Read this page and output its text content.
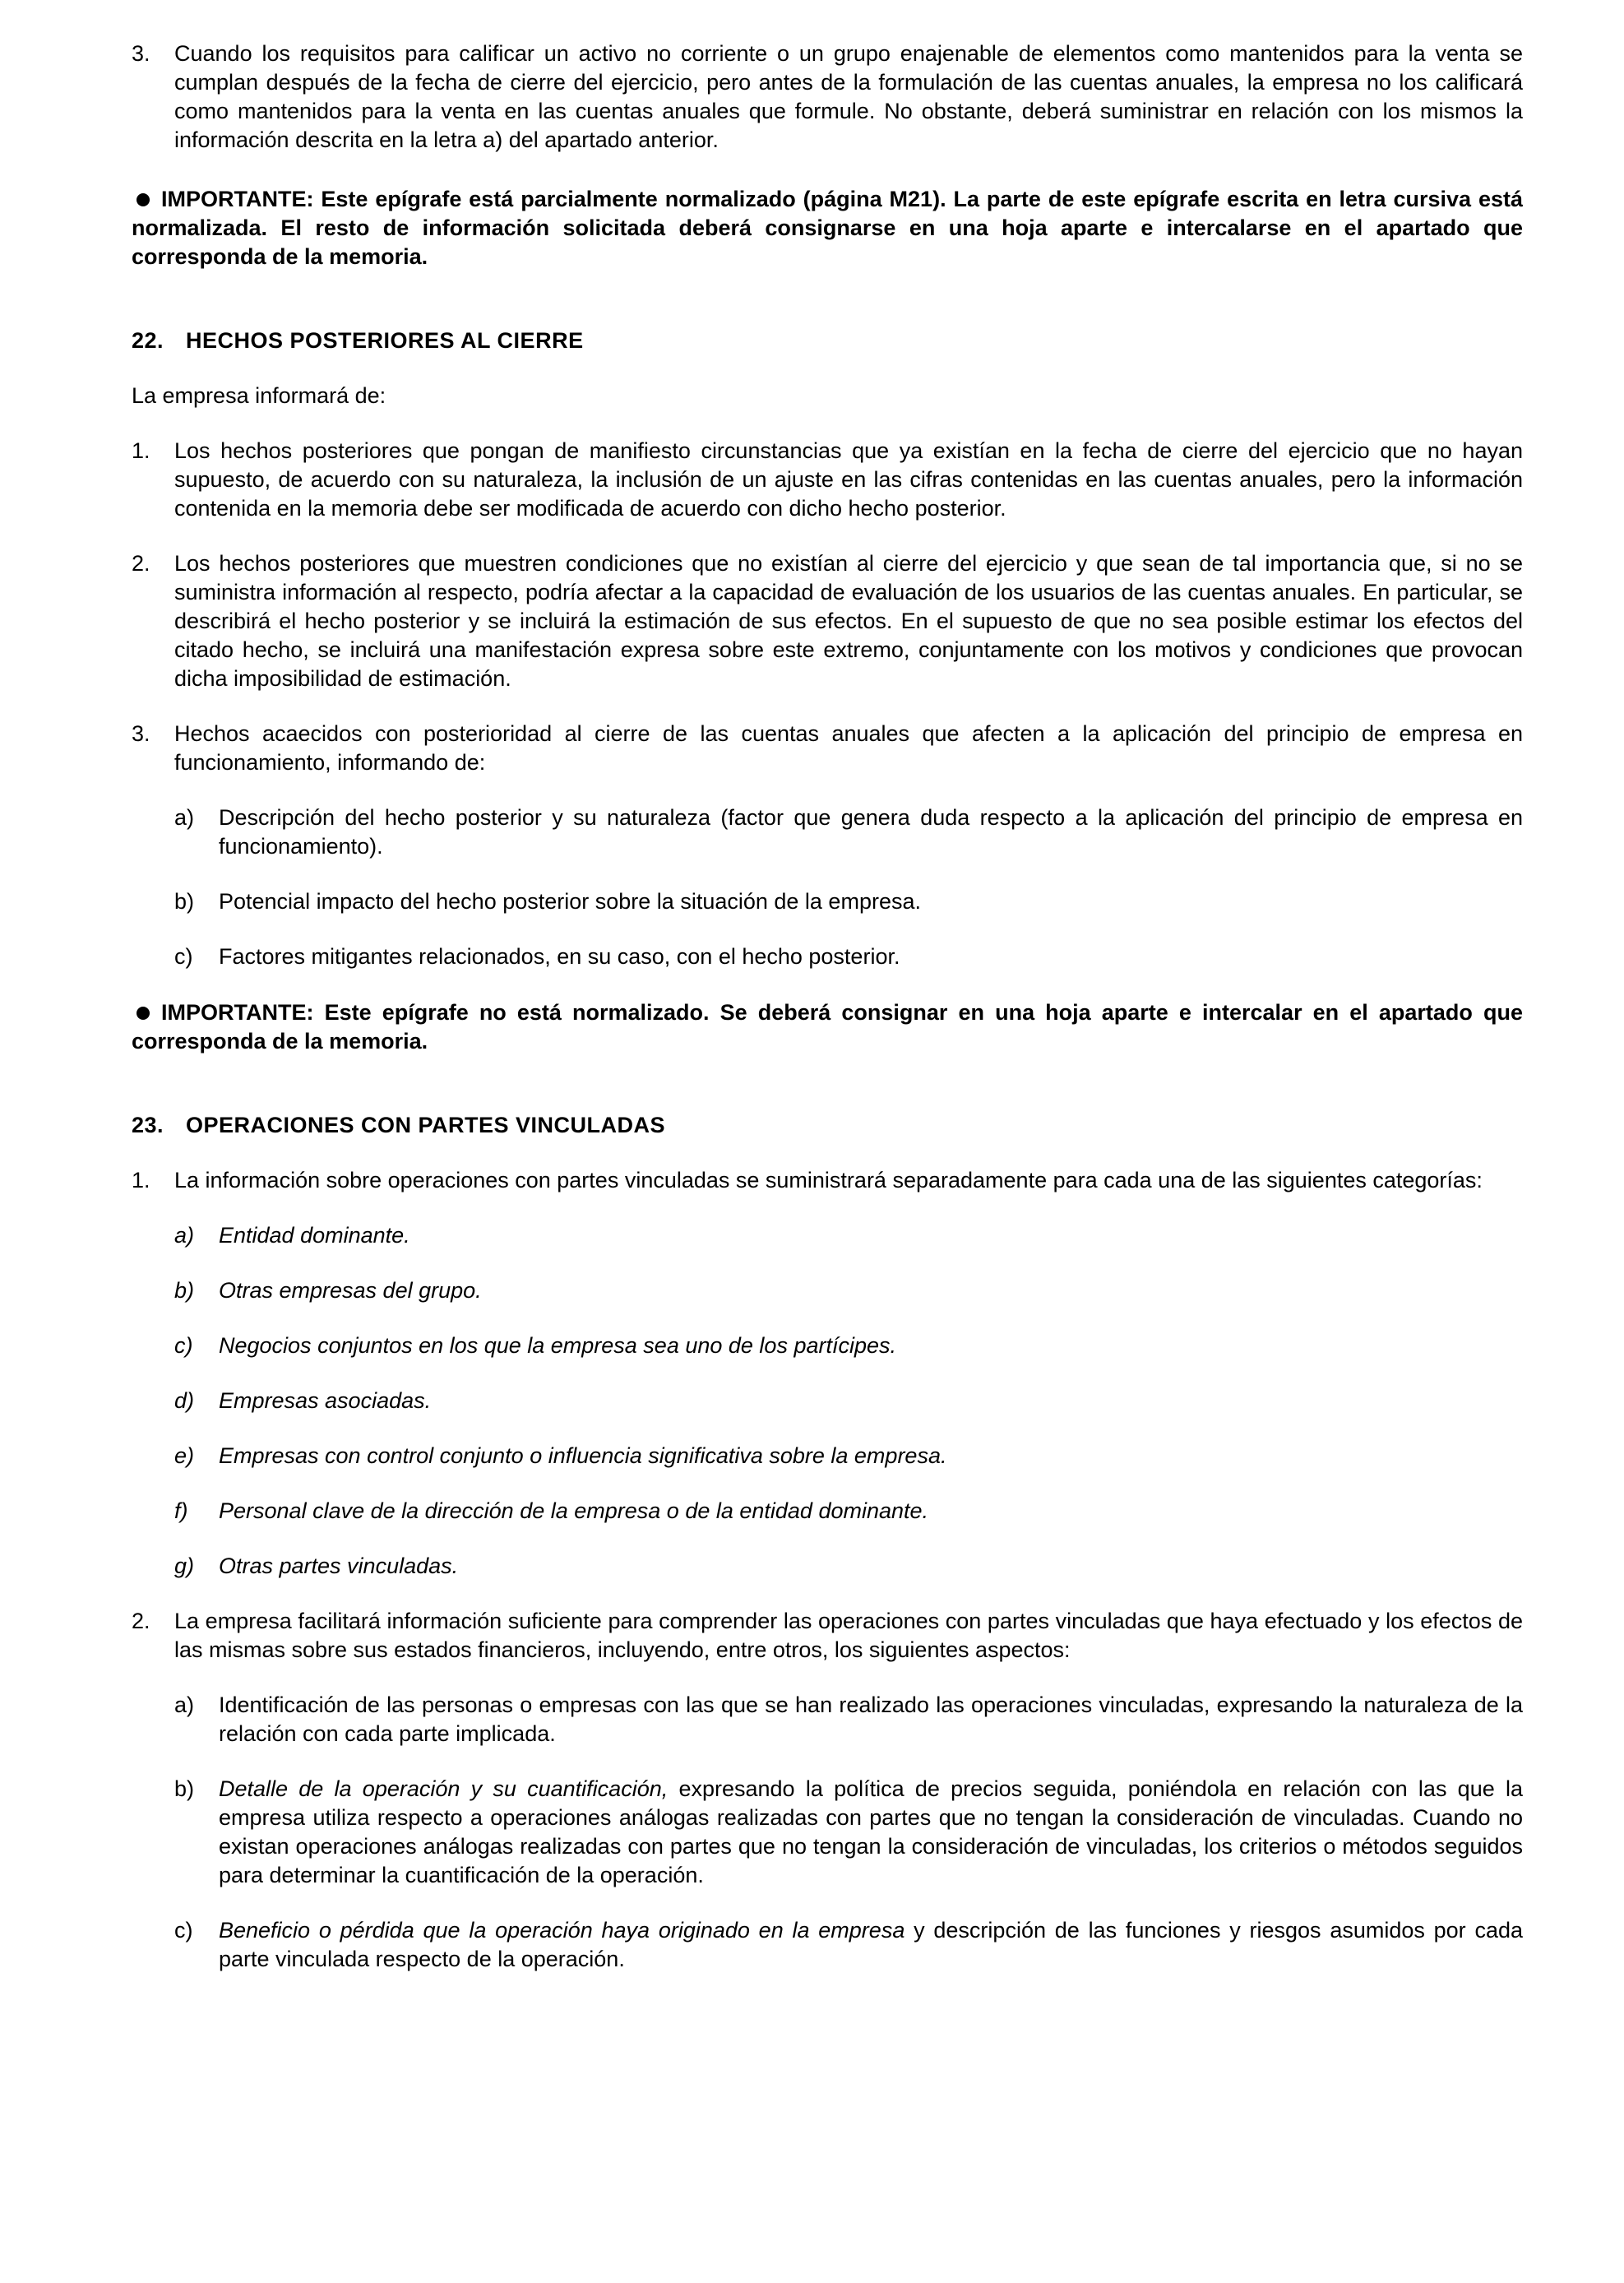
3. Cuando los requisitos para calificar un activo no corriente o un grupo enajenable de elementos como mantenidos para la venta se cumplan después de la fecha de cierre del ejercicio, pero antes de la formulación de las cuentas anuales, la empresa no los calificará como mantenidos para la venta en las cuentas anuales que formule. No obstante, deberá suministrar en relación con los mismos la información descrita en la letra a) del apartado anterior.
IMPORTANTE: Este epígrafe está parcialmente normalizado (página M21). La parte de este epígrafe escrita en letra cursiva está normalizada. El resto de información solicitada deberá consignarse en una hoja aparte e intercalarse en el apartado que corresponda de la memoria.
22. HECHOS POSTERIORES AL CIERRE
La empresa informará de:
1. Los hechos posteriores que pongan de manifiesto circunstancias que ya existían en la fecha de cierre del ejercicio que no hayan supuesto, de acuerdo con su naturaleza, la inclusión de un ajuste en las cifras contenidas en las cuentas anuales, pero la información contenida en la memoria debe ser modificada de acuerdo con dicho hecho posterior.
2. Los hechos posteriores que muestren condiciones que no existían al cierre del ejercicio y que sean de tal importancia que, si no se suministra información al respecto, podría afectar a la capacidad de evaluación de los usuarios de las cuentas anuales. En particular, se describirá el hecho posterior y se incluirá la estimación de sus efectos. En el supuesto de que no sea posible estimar los efectos del citado hecho, se incluirá una manifestación expresa sobre este extremo, conjuntamente con los motivos y condiciones que provocan dicha imposibilidad de estimación.
3. Hechos acaecidos con posterioridad al cierre de las cuentas anuales que afecten a la aplicación del principio de empresa en funcionamiento, informando de:
a) Descripción del hecho posterior y su naturaleza (factor que genera duda respecto a la aplicación del principio de empresa en funcionamiento).
b) Potencial impacto del hecho posterior sobre la situación de la empresa.
c) Factores mitigantes relacionados, en su caso, con el hecho posterior.
IMPORTANTE: Este epígrafe no está normalizado. Se deberá consignar en una hoja aparte e intercalar en el apartado que corresponda de la memoria.
23. OPERACIONES CON PARTES VINCULADAS
1. La información sobre operaciones con partes vinculadas se suministrará separadamente para cada una de las siguientes categorías:
a) Entidad dominante.
b) Otras empresas del grupo.
c) Negocios conjuntos en los que la empresa sea uno de los partícipes.
d) Empresas asociadas.
e) Empresas con control conjunto o influencia significativa sobre la empresa.
f) Personal clave de la dirección de la empresa o de la entidad dominante.
g) Otras partes vinculadas.
2. La empresa facilitará información suficiente para comprender las operaciones con partes vinculadas que haya efectuado y los efectos de las mismas sobre sus estados financieros, incluyendo, entre otros, los siguientes aspectos:
a) Identificación de las personas o empresas con las que se han realizado las operaciones vinculadas, expresando la naturaleza de la relación con cada parte implicada.
b) Detalle de la operación y su cuantificación, expresando la política de precios seguida, poniéndola en relación con las que la empresa utiliza respecto a operaciones análogas realizadas con partes que no tengan la consideración de vinculadas. Cuando no existan operaciones análogas realizadas con partes que no tengan la consideración de vinculadas, los criterios o métodos seguidos para determinar la cuantificación de la operación.
c) Beneficio o pérdida que la operación haya originado en la empresa y descripción de las funciones y riesgos asumidos por cada parte vinculada respecto de la operación.
